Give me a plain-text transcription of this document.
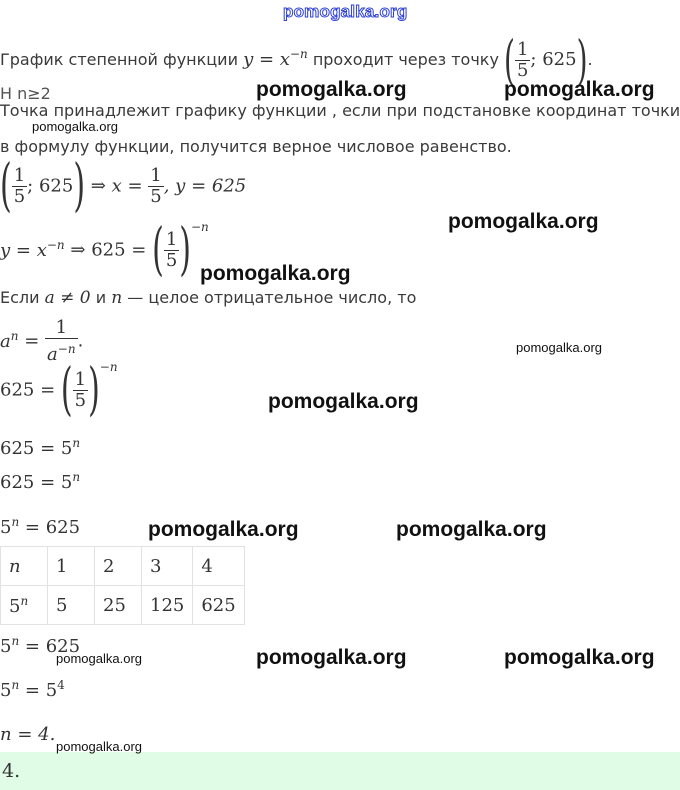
pomogalka.org
График степенной функции $y = x^{-n}$ проходит через точку ( $\frac{1}{5}$ ; 625).
Н n≥2
Точка принадлежит графику функции , если при подстановке координат точки
в формулу функции, получится верное числовое равенство.
( $\frac{1}{5}$ ; 625) ⇒ $x = \frac{1}{5}$ , y = 625
$y = x^{-n}$ ⇒ 625 = ( $\frac{1}{5} )^{-n}$
Если a ≠ 0 и n — целое отрицательное число, то
$a^n = \frac{1}{a^{-n}}$ .
625 = ( $\frac{1}{5} )^{-n}$
$625 = 5^n$
$625 = 5^n$
$5^n = 625$
n	1	2	3	4
5$^n$	5	25	125	625
$5^n = 625$
$5^n = 5^4$
n = 4.
4.
pomogalka.org	pomogalka.org
pomogalka.org
pomogalka.org
pomogalka.org
pomogalka.org
pomogalka.org
pomogalka.org	pomogalka.org
pomogalka.org	pomogalka.org	pomogalka.org
pomogalka.org
